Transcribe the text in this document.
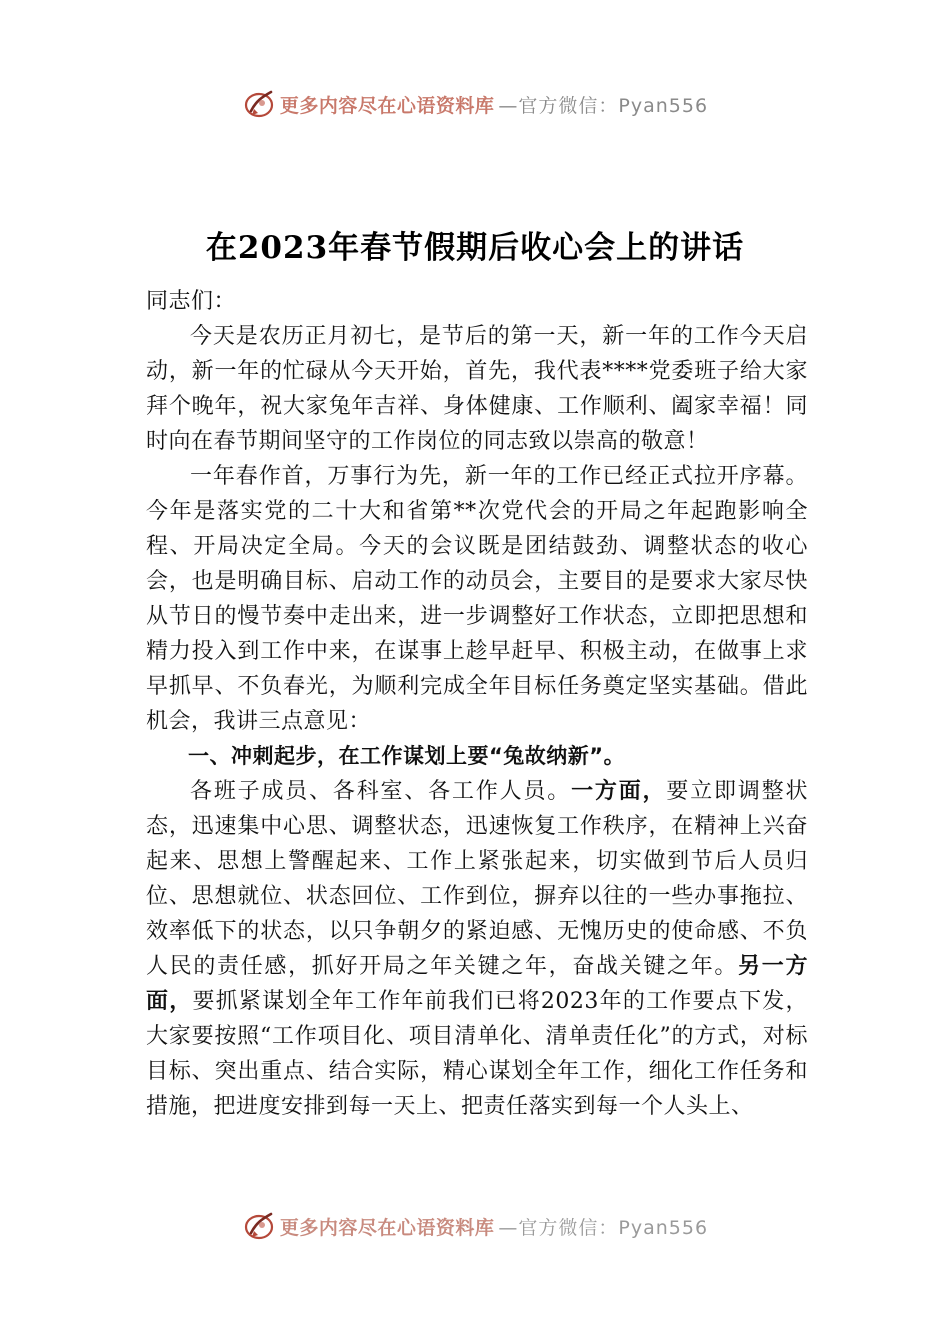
更多内容尽在心语资料库 —官方微信：Pyan556
在2023年春节假期后收心会上的讲话

同志们：

今天是农历正月初七，是节后的第一天，新一年的工作今天启动，新一年的忙碌从今天开始，首先，我代表****党委班子给大家拜个晚年，祝大家兔年吉祥、身体健康、工作顺利、阖家幸福！同时向在春节期间坚守的工作岗位的同志致以崇高的敬意！

一年春作首，万事行为先，新一年的工作已经正式拉开序幕。今年是落实党的二十大和省第**次党代会的开局之年起跑影响全程、开局决定全局。今天的会议既是团结鼓劲、调整状态的收心会，也是明确目标、启动工作的动员会，主要目的是要求大家尽快从节日的慢节奏中走出来，进一步调整好工作状态，立即把思想和精力投入到工作中来，在谋事上趁早赶早、积极主动，在做事上求早抓早、不负春光，为顺利完成全年目标任务奠定坚实基础。借此机会，我讲三点意见：

一、冲刺起步，在工作谋划上要“兔故纳新”。

各班子成员、各科室、各工作人员。一方面，要立即调整状态，迅速集中心思、调整状态，迅速恢复工作秩序，在精神上兴奋起来、思想上警醒起来、工作上紧张起来，切实做到节后人员归位、思想就位、状态回位、工作到位，摒弃以往的一些办事拖拉、效率低下的状态，以只争朝夕的紧迫感、无愧历史的使命感、不负人民的责任感，抓好开局之年关键之年，奋战关键之年。另一方面，要抓紧谋划全年工作年前我们已将2023年的工作要点下发，大家要按照“工作项目化、项目清单化、清单责任化”的方式，对标目标、突出重点、结合实际，精心谋划全年工作，细化工作任务和措施，把进度安排到每一天上、把责任落实到每一个人头上、

更多内容尽在心语资料库 —官方微信：Pyan556
